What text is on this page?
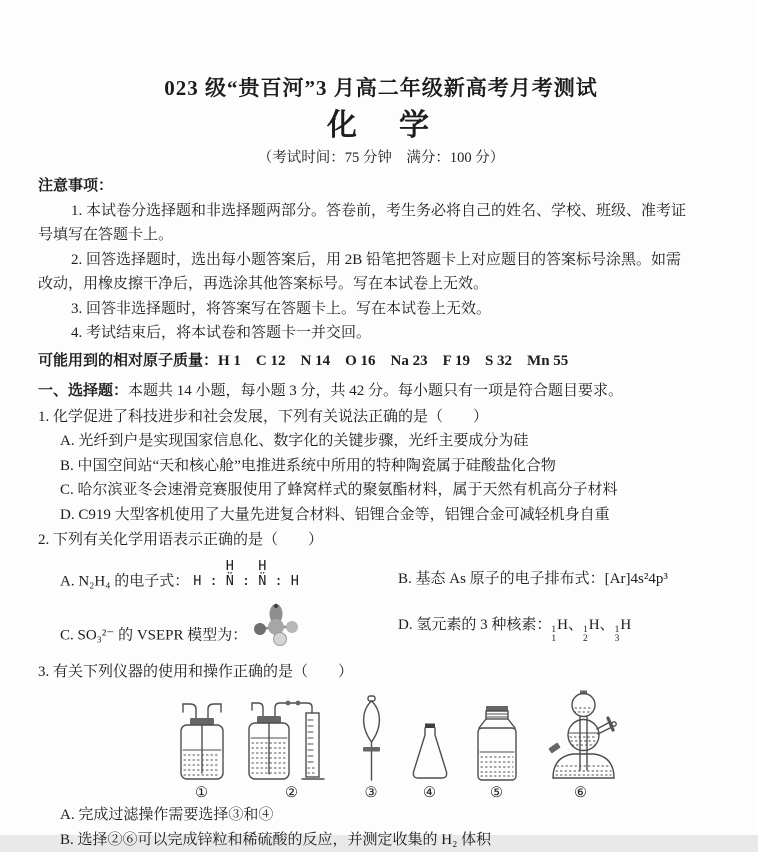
023 级“贵百河”3 月高二年级新高考月考测试
化　学
（考试时间：75 分钟　满分：100 分）
注意事项：
1. 本试卷分选择题和非选择题两部分。答卷前，考生务必将自己的姓名、学校、班级、准考证
号填写在答题卡上。
2. 回答选择题时，选出每小题答案后，用 2B 铅笔把答题卡上对应题目的答案标号涂黑。如需
改动，用橡皮擦干净后，再选涂其他答案标号。写在本试卷上无效。
3. 回答非选择题时，将答案写在答题卡上。写在本试卷上无效。
4. 考试结束后，将本试卷和答题卡一并交回。
可能用到的相对原子质量：H 1　C 12　N 14　O 16　Na 23　F 19　S 32　Mn 55
一、选择题：本题共 14 小题，每小题 3 分，共 42 分。每小题只有一项是符合题目要求。
1. 化学促进了科技进步和社会发展，下列有关说法正确的是（　　）
A. 光纤到户是实现国家信息化、数字化的关键步骤，光纤主要成分为硅
B. 中国空间站“天和核心舱”电推进系统中所用的特种陶瓷属于硅酸盐化合物
C. 哈尔滨亚冬会速滑竞赛服使用了蜂窝样式的聚氨酯材料，属于天然有机高分子材料
D. C919 大型客机使用了大量先进复合材料、铝锂合金等，铝锂合金可减轻机身自重
2. 下列有关化学用语表示正确的是（　　）
A. N₂H₄ 的电子式：
H   H
H : N̈ : N̈ : H	B. 基态 As 原子的电子排布式：[Ar]4s²4p³
C. SO₃²⁻ 的 VSEPR 模型为：
D. 氢元素的 3 种核素： 1
1
H、 1
2
H、 1
3
H
3. 有关下列仪器的使用和操作正确的是（　　）
①	②	③	④	⑤	⑥
A. 完成过滤操作需要选择③和④
B. 选择②⑥可以完成锌粒和稀硫酸的反应，并测定收集的 H₂ 体积
